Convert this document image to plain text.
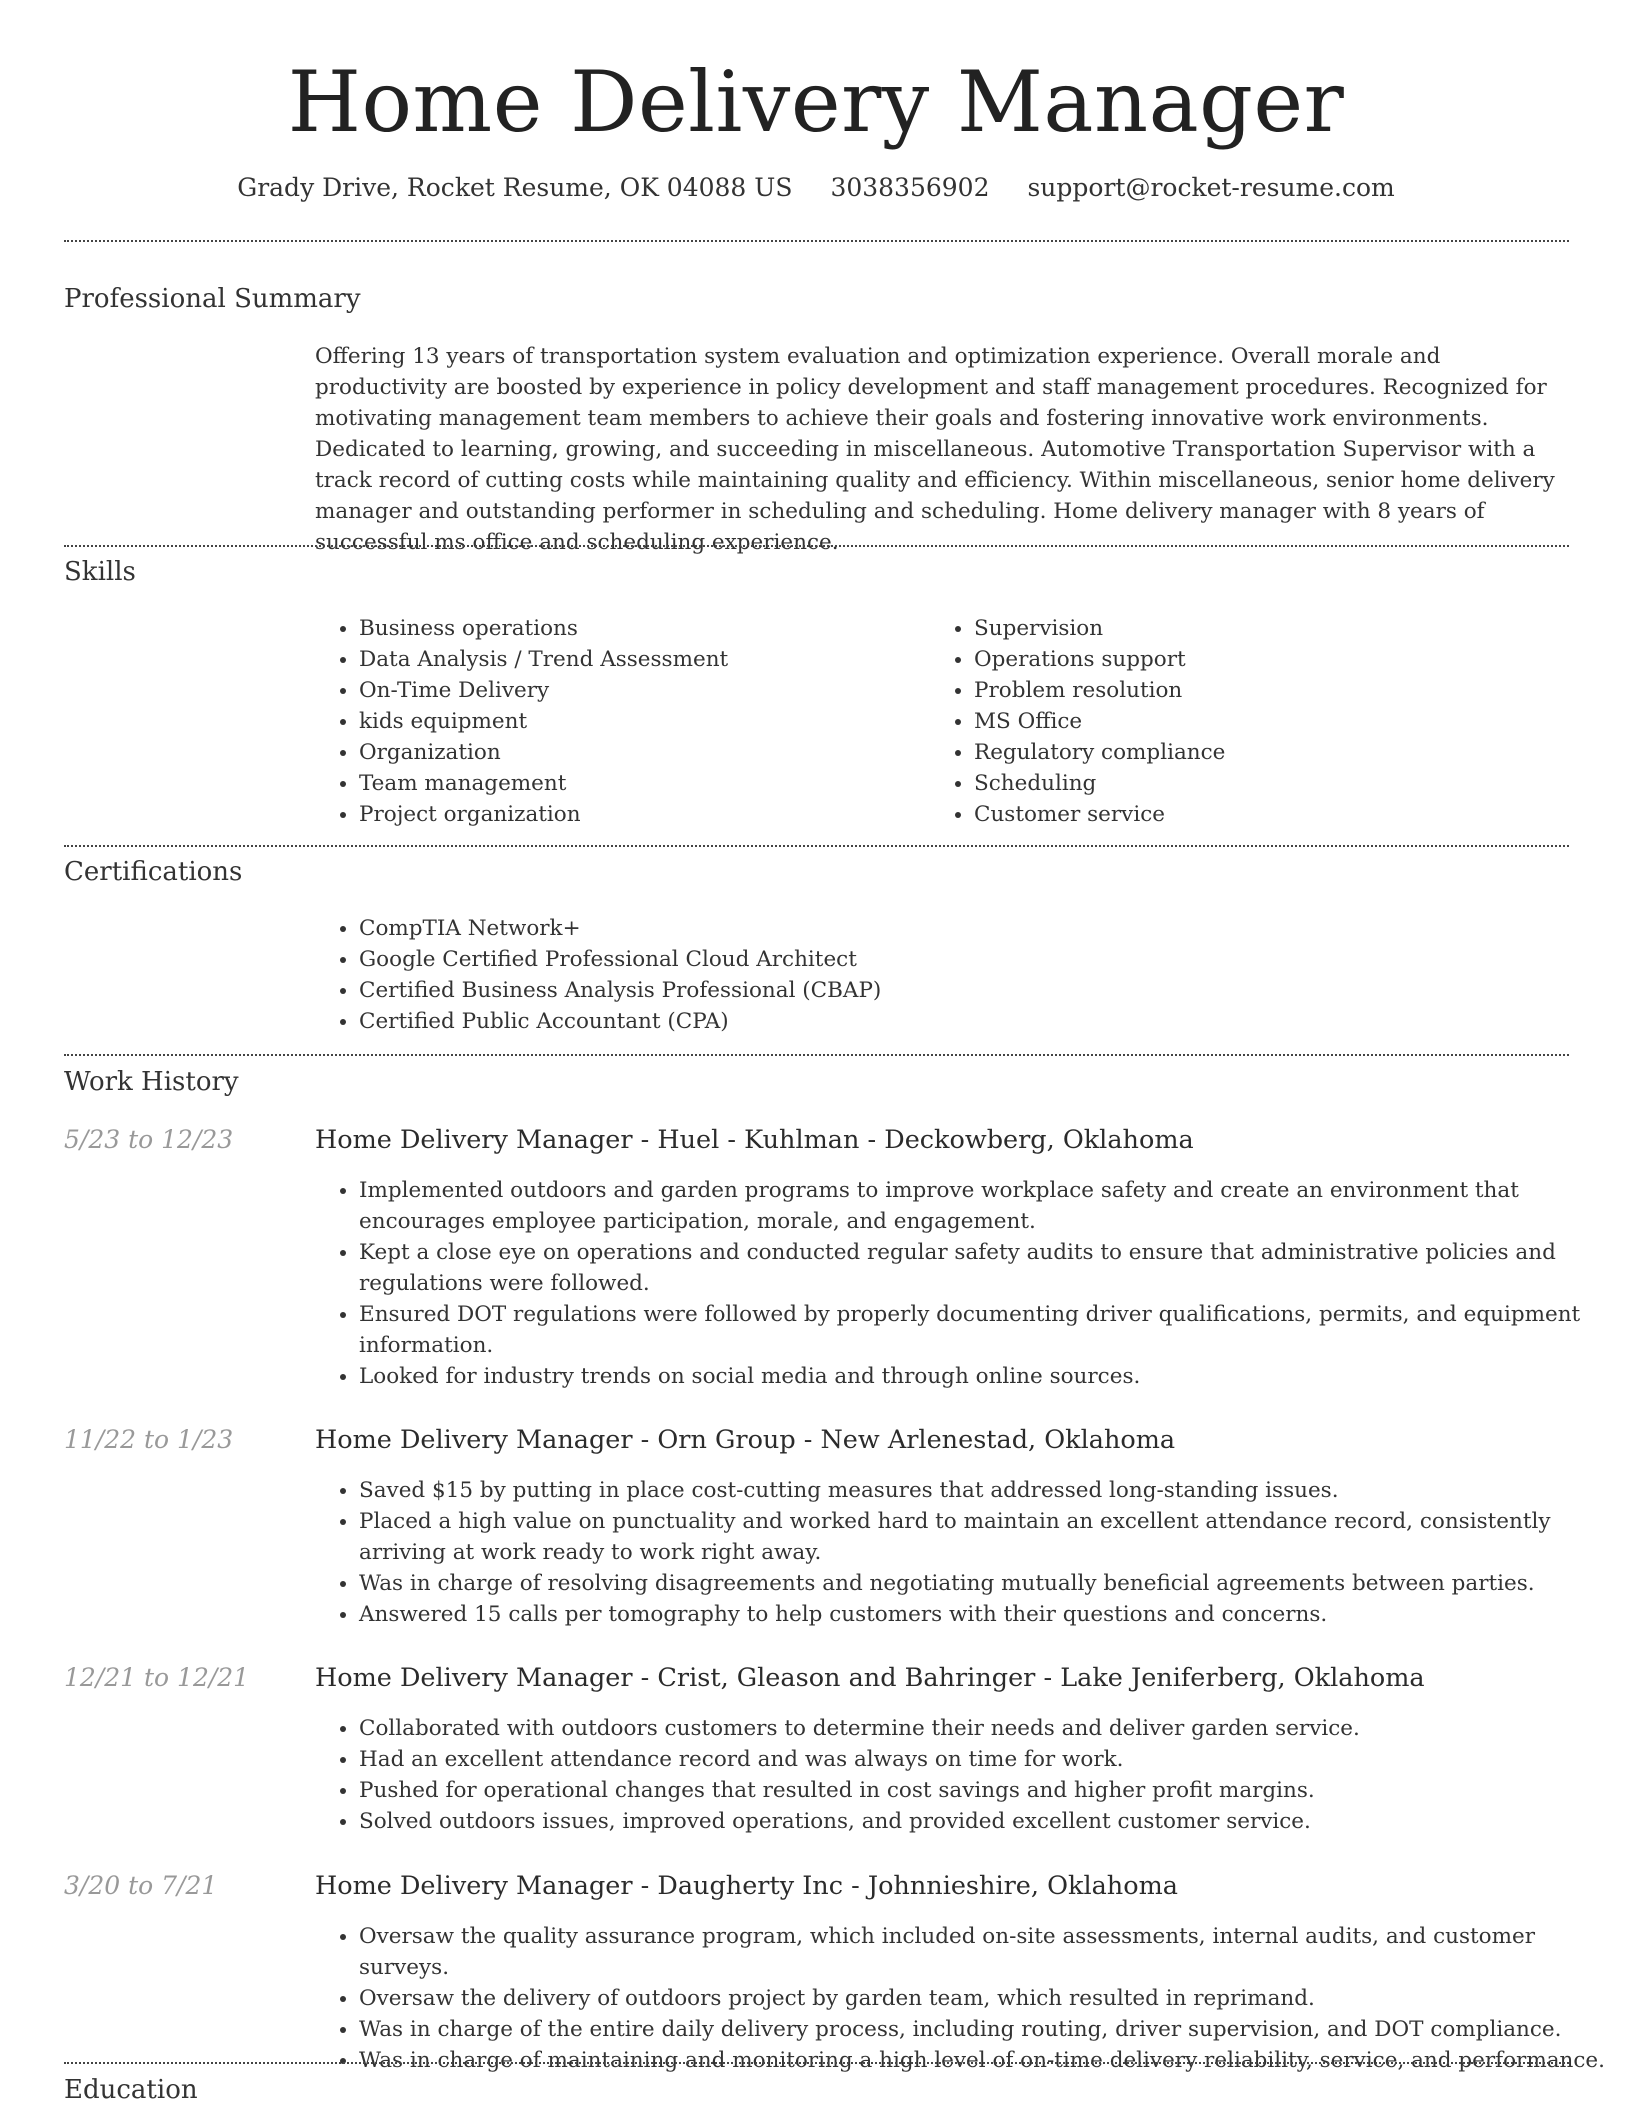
Home Delivery Manager
Grady Drive, Rocket Resume, OK 04088 US 3038356902 support@rocket-resume.com
Professional Summary

Offering 13 years of transportation system evaluation and optimization experience. Overall morale and productivity are boosted by experience in policy development and staff management procedures. Recognized for motivating management team members to achieve their goals and fostering innovative work environments. Dedicated to learning, growing, and succeeding in miscellaneous. Automotive Transportation Supervisor with a track record of cutting costs while maintaining quality and efficiency. Within miscellaneous, senior home delivery manager and outstanding performer in scheduling and scheduling. Home delivery manager with 8 years of successful ms office and scheduling experience.

Skills
• Business operations
• Data Analysis / Trend Assessment
• On-Time Delivery
• kids equipment
• Organization
• Team management
• Project organization
• Supervision
• Operations support
• Problem resolution
• MS Office
• Regulatory compliance
• Scheduling
• Customer service
Certifications
• CompTIA Network+
• Google Certified Professional Cloud Architect
• Certified Business Analysis Professional (CBAP)
• Certified Public Accountant (CPA)
Work History
5/23 to 12/23	Home Delivery Manager - Huel - Kuhlman - Deckowberg, Oklahoma
• Implemented outdoors and garden programs to improve workplace safety and create an environment that encourages employee participation, morale, and engagement.
• Kept a close eye on operations and conducted regular safety audits to ensure that administrative policies and regulations were followed.
• Ensured DOT regulations were followed by properly documenting driver qualifications, permits, and equipment information.
• Looked for industry trends on social media and through online sources.
11/22 to 1/23	Home Delivery Manager - Orn Group - New Arlenestad, Oklahoma
• Saved $15 by putting in place cost-cutting measures that addressed long-standing issues.
• Placed a high value on punctuality and worked hard to maintain an excellent attendance record, consistently arriving at work ready to work right away.
• Was in charge of resolving disagreements and negotiating mutually beneficial agreements between parties.
• Answered 15 calls per tomography to help customers with their questions and concerns.
12/21 to 12/21	Home Delivery Manager - Crist, Gleason and Bahringer - Lake Jeniferberg, Oklahoma
• Collaborated with outdoors customers to determine their needs and deliver garden service.
• Had an excellent attendance record and was always on time for work.
• Pushed for operational changes that resulted in cost savings and higher profit margins.
• Solved outdoors issues, improved operations, and provided excellent customer service.
3/20 to 7/21	Home Delivery Manager - Daugherty Inc - Johnnieshire, Oklahoma
• Oversaw the quality assurance program, which included on-site assessments, internal audits, and customer surveys.
• Oversaw the delivery of outdoors project by garden team, which resulted in reprimand.
• Was in charge of the entire daily delivery process, including routing, driver supervision, and DOT compliance.
• Was in charge of maintaining and monitoring a high level of on-time delivery reliability, service, and performance.
Education
